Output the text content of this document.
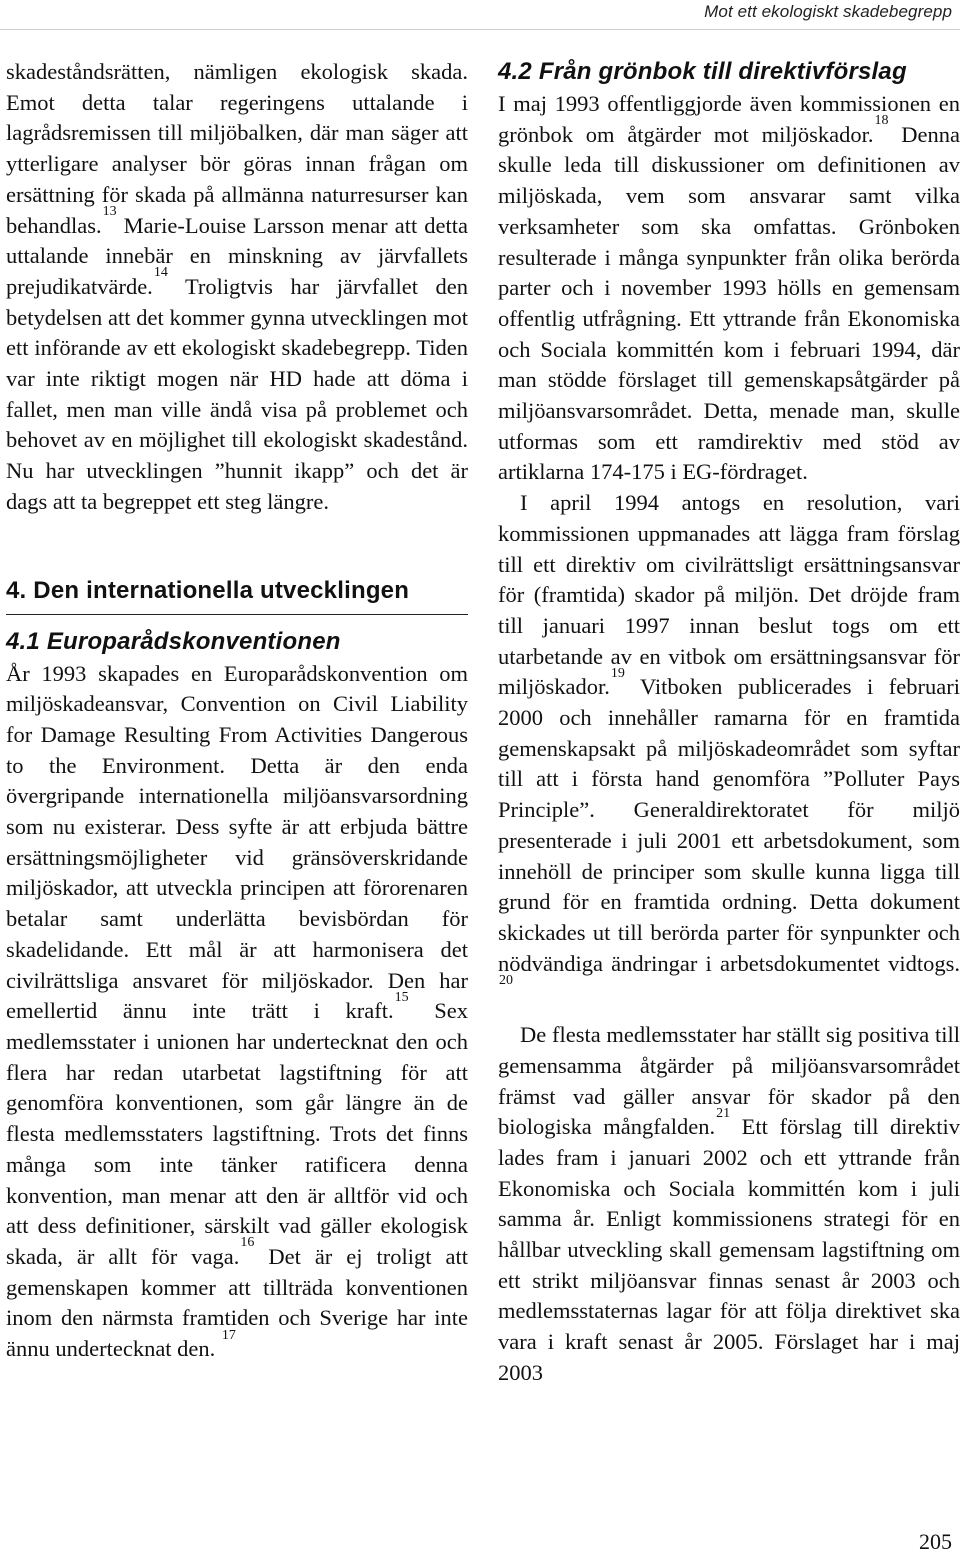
Mot ett ekologiskt skadebegrepp

skadeståndsrätten, nämligen ekologisk skada. Emot detta talar regeringens uttalande i lagrådsremissen till miljöbalken, där man säger att ytterligare analyser bör göras innan frågan om ersättning för skada på allmänna naturresurser kan behandlas.$^{13}$ Marie-Louise Larsson menar att detta uttalande innebär en minskning av järvfallets prejudikatvärde.$^{14}$ Troligtvis har järvfallet den betydelsen att det kommer gynna utvecklingen mot ett införande av ett ekologiskt skadebegrepp. Tiden var inte riktigt mogen när HD hade att döma i fallet, men man ville ändå visa på problemet och behovet av en möjlighet till ekologiskt skadestånd. Nu har utvecklingen ”hunnit ikapp” och det är dags att ta begreppet ett steg längre.

4. Den internationella utvecklingen
4.1 Europarådskonventionen

År 1993 skapades en Europarådskonvention om miljöskadeansvar, Convention on Civil Liability for Damage Resulting From Activities Dangerous to the Environment. Detta är den enda övergripande internationella miljöansvarsordning som nu existerar. Dess syfte är att erbjuda bättre ersättningsmöjligheter vid gränsöverskridande miljöskador, att utveckla principen att förorenaren betalar samt underlätta bevisbördan för skadelidande. Ett mål är att harmonisera det civilrättsliga ansvaret för miljöskador. Den har emellertid ännu inte trätt i kraft.$^{15}$ Sex medlemsstater i unionen har undertecknat den och flera har redan utarbetat lagstiftning för att genomföra konventionen, som går längre än de flesta medlemsstaters lagstiftning. Trots det finns många som inte tänker ratificera denna konvention, man menar att den är alltför vid och att dess definitioner, särskilt vad gäller ekologisk skada, är allt för vaga.$^{16}$ Det är ej troligt att gemenskapen kommer att tillträda konventionen inom den närmsta framtiden och Sverige har inte ännu undertecknat den. $^{17}$

4.2 Från grönbok till direktivförslag

I maj 1993 offentliggjorde även kommissionen en grönbok om åtgärder mot miljöskador.$^{18}$ Denna skulle leda till diskussioner om definitionen av miljöskada, vem som ansvarar samt vilka verksamheter som ska omfattas. Grönboken resulterade i många synpunkter från olika berörda parter och i november 1993 hölls en gemensam offentlig utfrågning. Ett yttrande från Ekonomiska och Sociala kommittén kom i februari 1994, där man stödde förslaget till gemenskapsåtgärder på miljöansvarsområdet. Detta, menade man, skulle utformas som ett ramdirektiv med stöd av artiklarna 174-175 i EG-fördraget.

I april 1994 antogs en resolution, vari kommissionen uppmanades att lägga fram förslag till ett direktiv om civilrättsligt ersättningsansvar för (framtida) skador på miljön. Det dröjde fram till januari 1997 innan beslut togs om ett utarbetande av en vitbok om ersättningsansvar för miljöskador.$^{19}$ Vitboken publicerades i februari 2000 och innehåller ramarna för en framtida gemenskapsakt på miljöskadeområdet som syftar till att i första hand genomföra ”Polluter Pays Principle”. Generaldirektoratet för miljö presenterade i juli 2001 ett arbetsdokument, som innehöll de principer som skulle kunna ligga till grund för en framtida ordning. Detta dokument skickades ut till berörda parter för synpunkter och nödvändiga ändringar i arbetsdokumentet vidtogs. $^{20}$

De flesta medlemsstater har ställt sig positiva till gemensamma åtgärder på miljöansvarsområdet främst vad gäller ansvar för skador på den biologiska mångfalden.$^{21}$ Ett förslag till direktiv lades fram i januari 2002 och ett yttrande från Ekonomiska och Sociala kommittén kom i juli samma år. Enligt kommissionens strategi för en hållbar utveckling skall gemensam lagstiftning om ett strikt miljöansvar finnas senast år 2003 och medlemsstaternas lagar för att följa direktivet ska vara i kraft senast år 2005. Förslaget har i maj 2003

205
